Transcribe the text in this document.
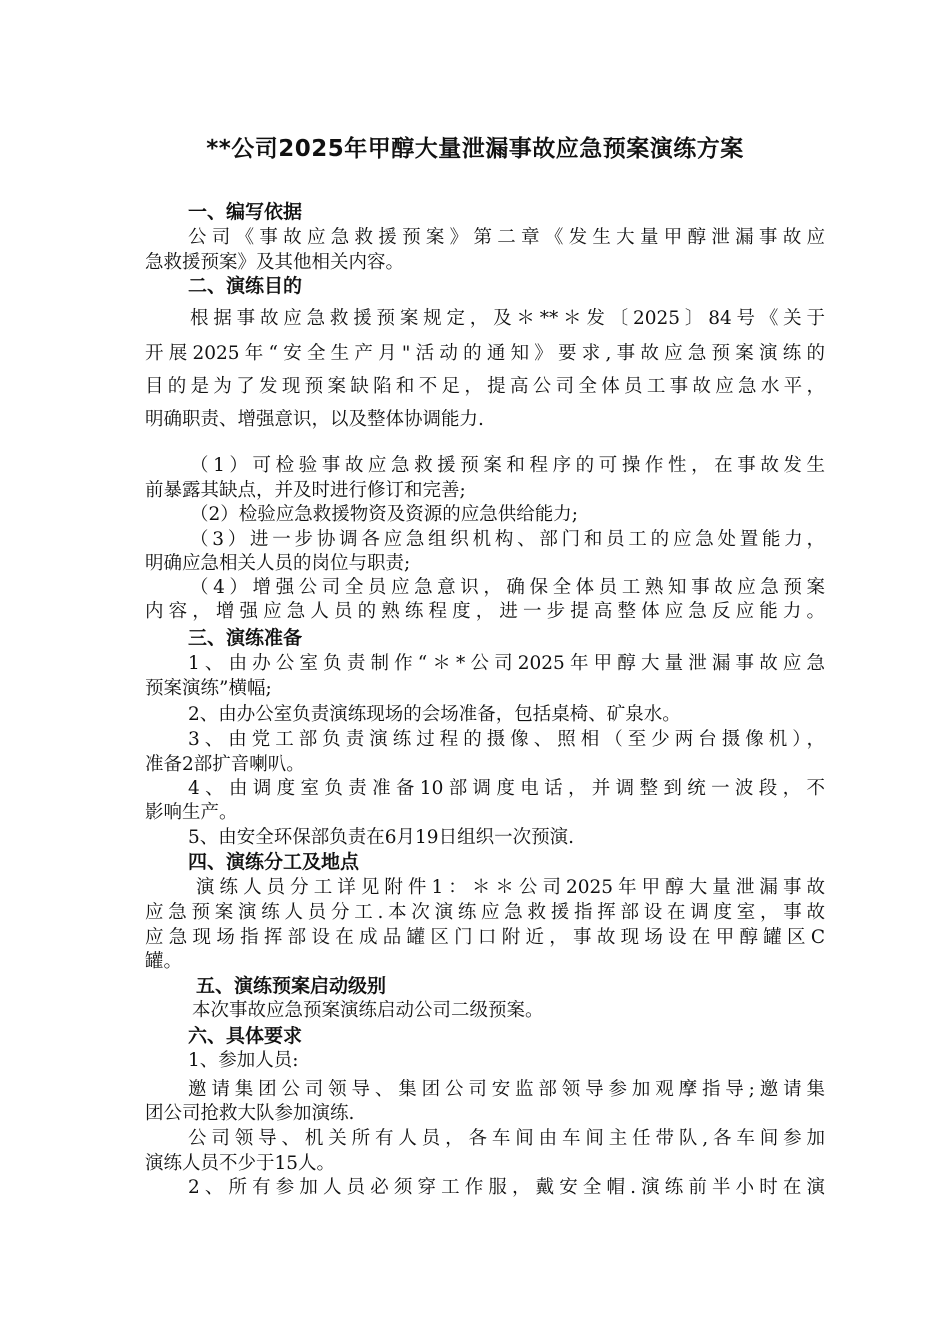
**公司2025年甲醇大量泄漏事故应急预案演练方案
一、编写依据
公司《事故应急救援预案》第二章《发生大量甲醇泄漏事故应
急救援预案》及其他相关内容。
二、演练目的
根据事故应急救援预案规定，及＊**＊发〔2025〕84号《关于
开展2025年“安全生产月"活动的通知》要求,事故应急预案演练的
目的是为了发现预案缺陷和不足，提高公司全体员工事故应急水平，
明确职责、增强意识，以及整体协调能力.
（1）可检验事故应急救援预案和程序的可操作性，在事故发生
前暴露其缺点，并及时进行修订和完善;
（2）检验应急救援物资及资源的应急供给能力;
（3）进一步协调各应急组织机构、部门和员工的应急处置能力，
明确应急相关人员的岗位与职责;
（4）增强公司全员应急意识，确保全体员工熟知事故应急预案
内容，增强应急人员的熟练程度，进一步提高整体应急反应能力。
三、演练准备
1、由办公室负责制作“＊*公司2025年甲醇大量泄漏事故应急
预案演练”横幅;
2、由办公室负责演练现场的会场准备，包括桌椅、矿泉水。
3、由党工部负责演练过程的摄像、照相（至少两台摄像机），
准备2部扩音喇叭。
4、由调度室负责准备10部调度电话，并调整到统一波段，不
影响生产。
5、由安全环保部负责在6月19日组织一次预演.
四、演练分工及地点
演练人员分工详见附件1：＊＊公司2025年甲醇大量泄漏事故
应急预案演练人员分工.本次演练应急救援指挥部设在调度室，事故
应急现场指挥部设在成品罐区门口附近，事故现场设在甲醇罐区C
罐。
五、演练预案启动级别
本次事故应急预案演练启动公司二级预案。
六、具体要求
1、参加人员:
邀请集团公司领导、集团公司安监部领导参加观摩指导;邀请集
团公司抢救大队参加演练.
公司领导、机关所有人员，各车间由车间主任带队,各车间参加
演练人员不少于15人。
2、所有参加人员必须穿工作服，戴安全帽.演练前半小时在演
